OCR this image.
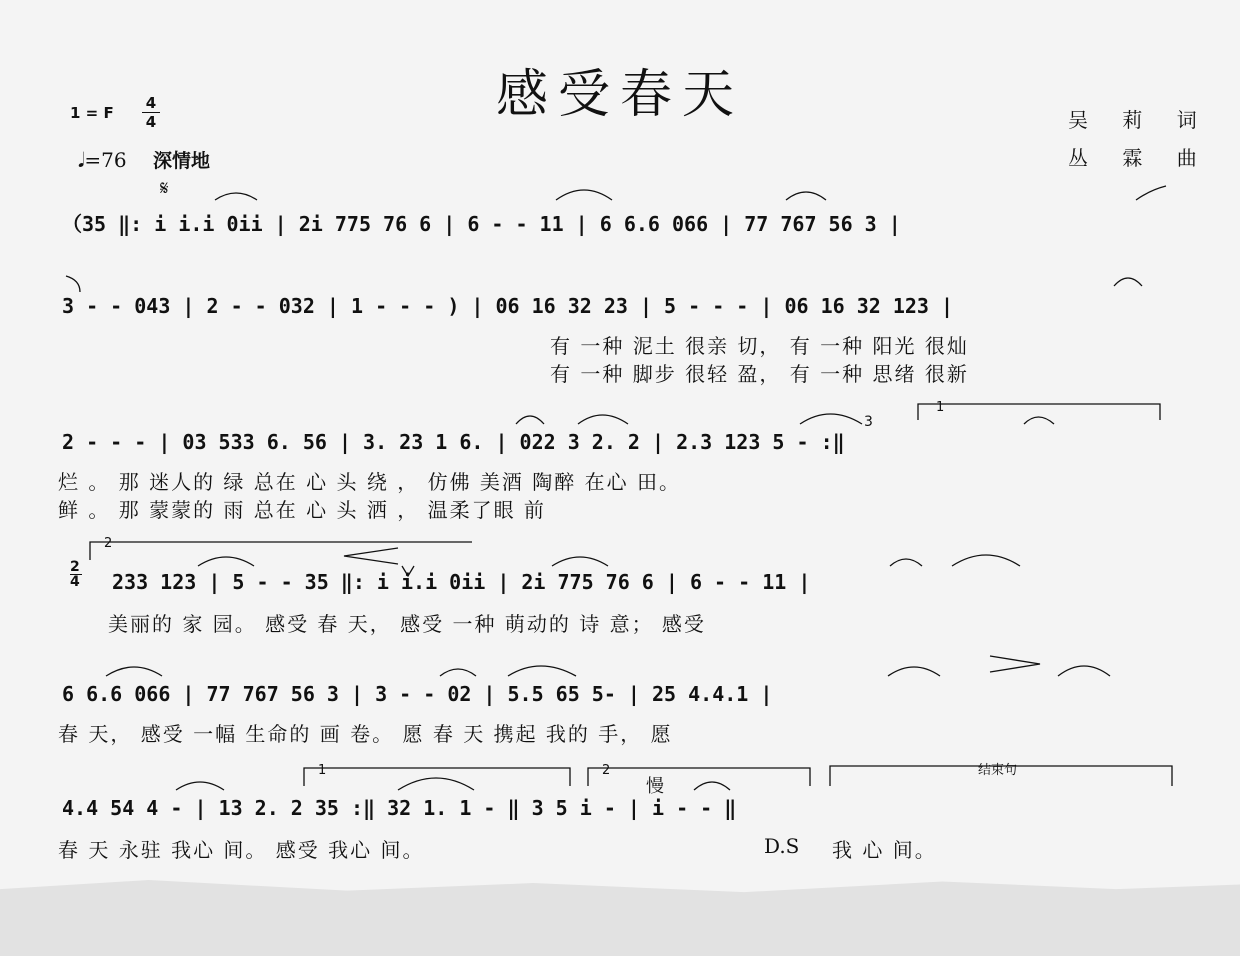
感受春天
1 = F
4
4
𝅘𝅥=76 深情地
吴 莉 词
丛 霖 曲
𝄋
（35 ‖: i i.i 0ii | 2i 775 76 6 | 6 - - 11 | 6 6.6 066 | 77 767 56 3 |
3 - - 043 | 2 - - 032 | 1 - - - ) | 06 16 32 23 | 5 - - - | 06 16 32 123 |
有 一种 泥土 很亲 切， 有 一种 阳光 很灿
有 一种 脚步 很轻 盈， 有 一种 思绪 很新
2 - - - | 03 533 6. 56 | 3. 23 1 6. | 022 3 2. 2 | 2.3 123 5 - :‖
烂 。 那 迷人的 绿 总在 心 头 绕 ， 仿佛 美酒 陶醉 在心 田。
鲜 。 那 蒙蒙的 雨 总在 心 头 洒 ， 温柔了眼 前
3
1
2
4
2
233 123 | 5 - - 35 ‖: i i.i 0ii | 2i 775 76 6 | 6 - - 11 |
美丽的 家 园。 感受 春 天， 感受 一种 萌动的 诗 意； 感受
6 6.6 066 | 77 767 56 3 | 3 - - 02 | 5.5 65 5- | 25 4.4.1 |
春 天， 感受 一幅 生命的 画 卷。 愿 春 天 携起 我的 手， 愿
1	2	结束句
慢
4.4 54 4 - | 13 2. 2 35 :‖ 32 1. 1 - ‖ 3 5 i - | i - - ‖
春 天 永驻 我心 间。 感受 我心 间。	D.S 我 心 间。
